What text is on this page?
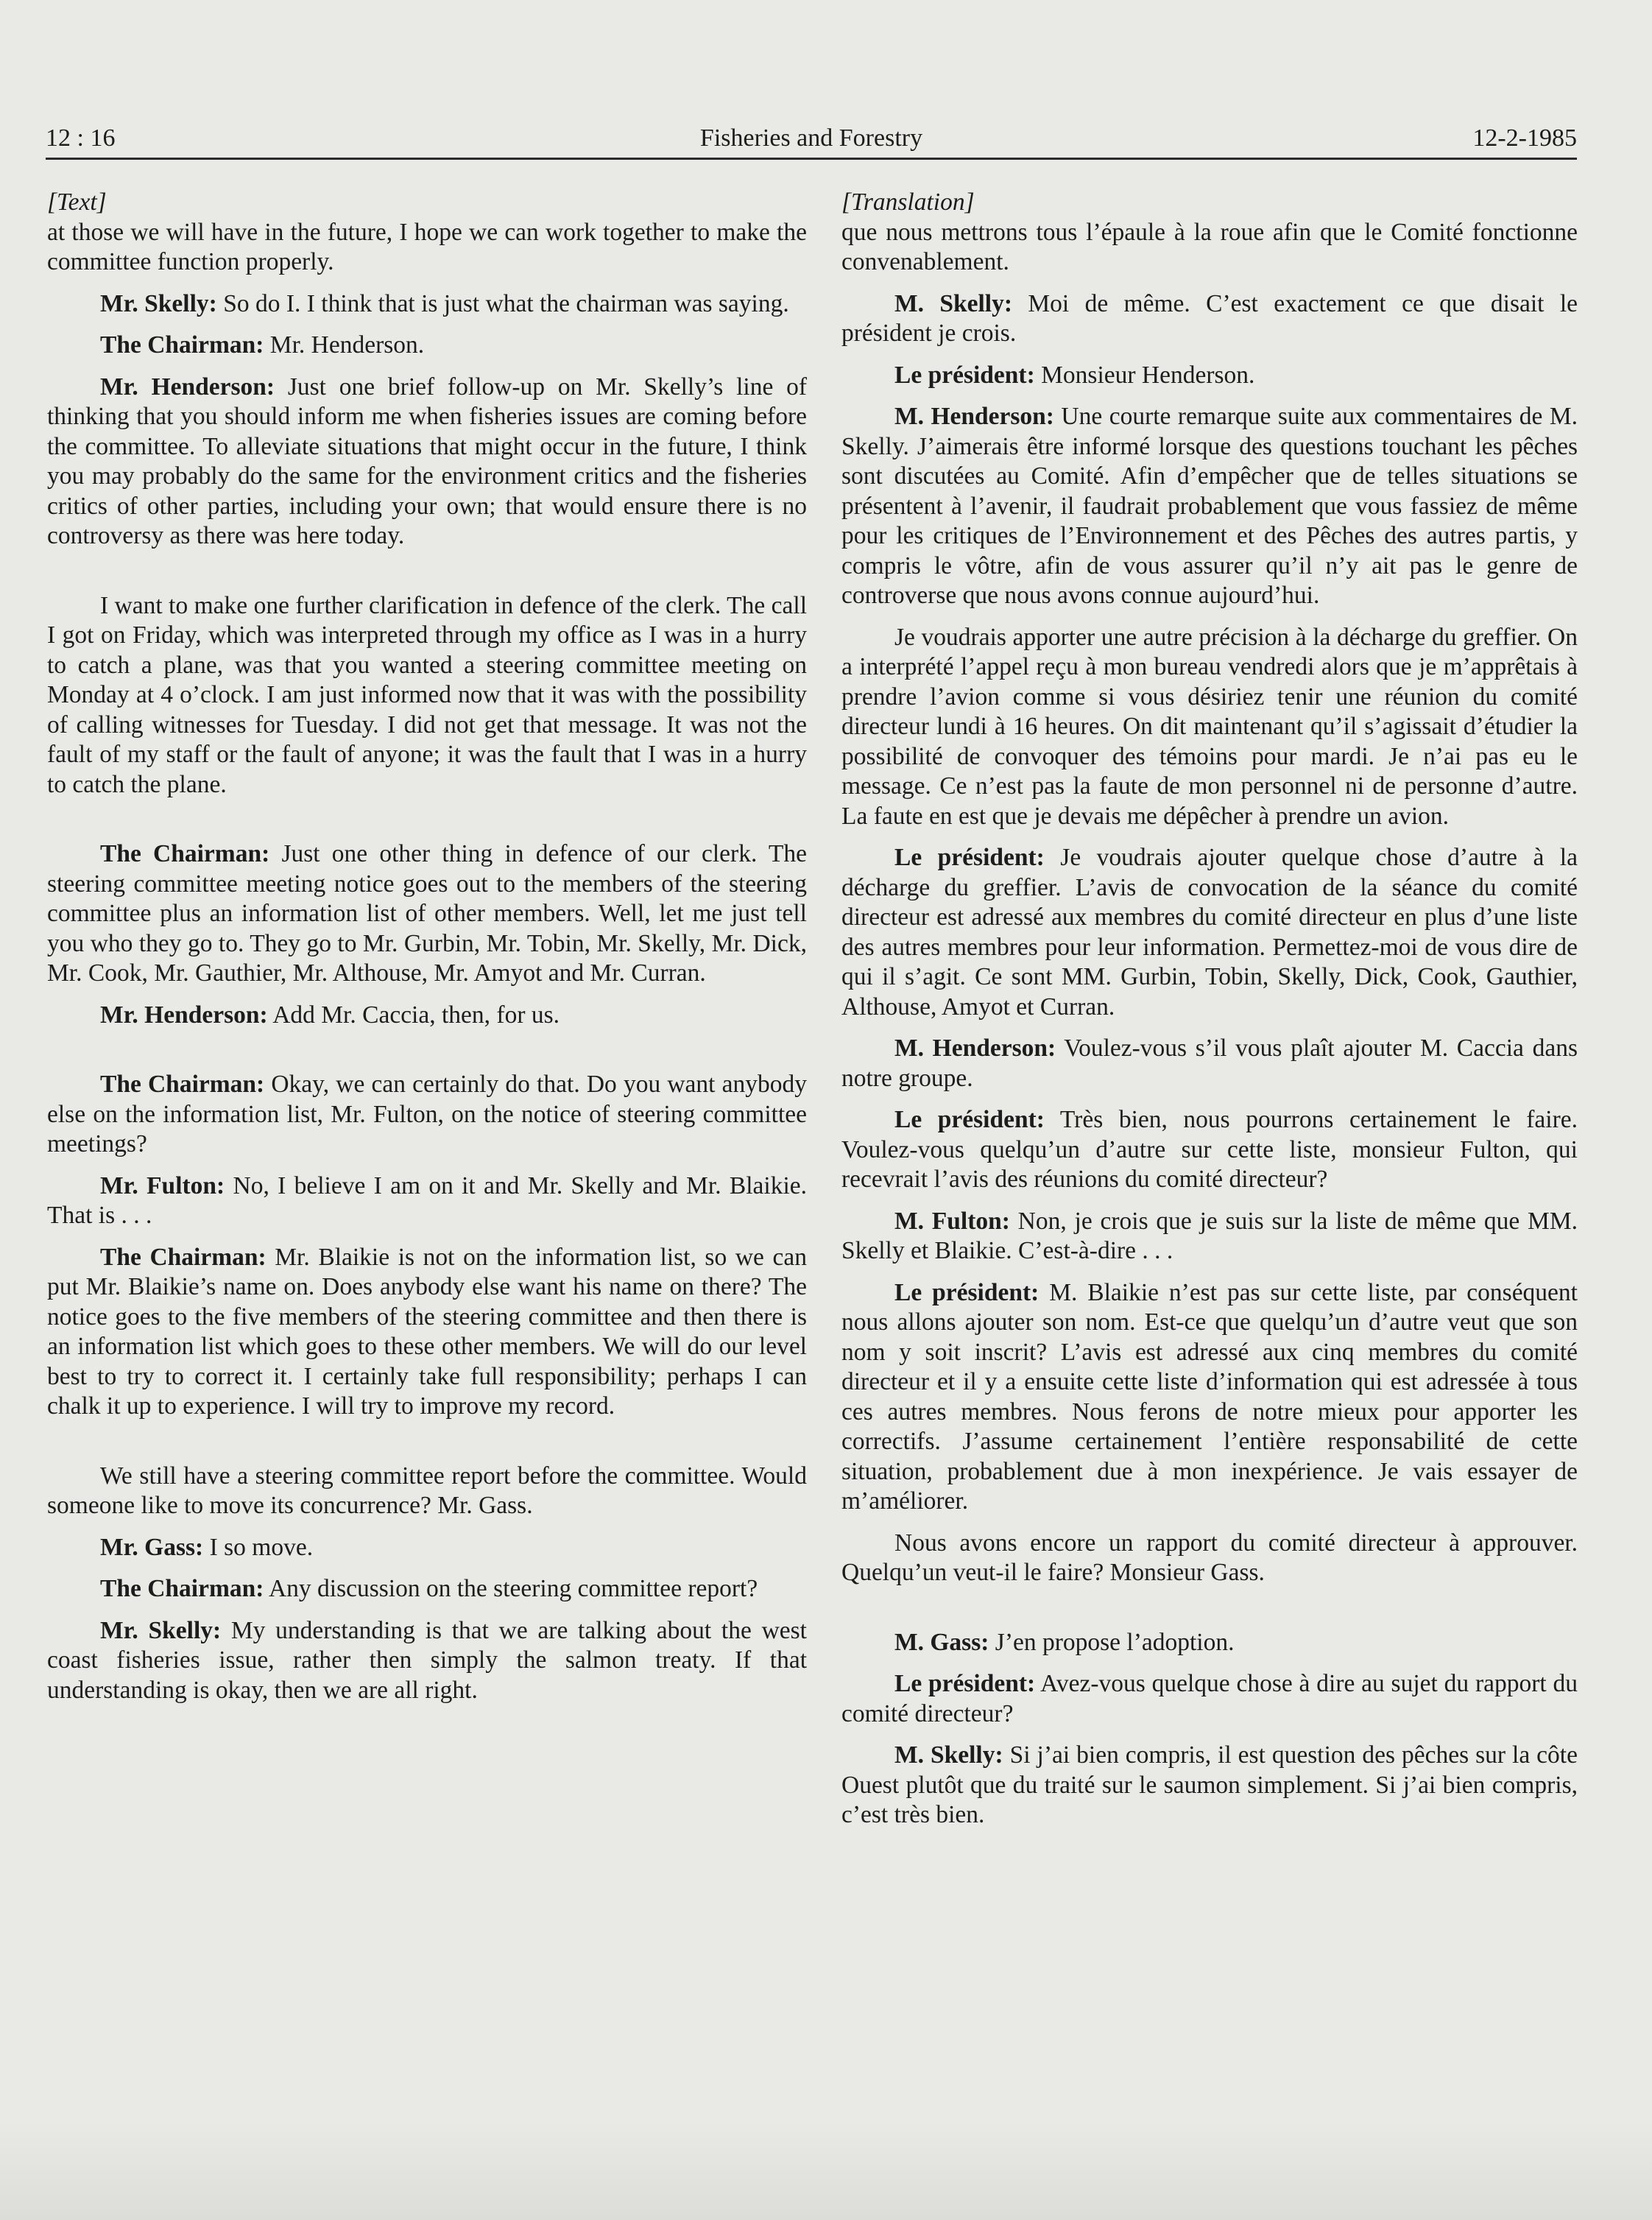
12 : 16	Fisheries and Forestry	12-2-1985

[Text]

at those we will have in the future, I hope we can work together to make the committee function properly.

Mr. Skelly: So do I. I think that is just what the chairman was saying.

The Chairman: Mr. Henderson.

Mr. Henderson: Just one brief follow-up on Mr. Skelly’s line of thinking that you should inform me when fisheries issues are coming before the committee. To alleviate situations that might occur in the future, I think you may probably do the same for the environment critics and the fisheries critics of other parties, including your own; that would ensure there is no controversy as there was here today.

I want to make one further clarification in defence of the clerk. The call I got on Friday, which was interpreted through my office as I was in a hurry to catch a plane, was that you wanted a steering committee meeting on Monday at 4 o’clock. I am just informed now that it was with the possibility of calling witnesses for Tuesday. I did not get that message. It was not the fault of my staff or the fault of anyone; it was the fault that I was in a hurry to catch the plane.

The Chairman: Just one other thing in defence of our clerk. The steering committee meeting notice goes out to the members of the steering committee plus an information list of other members. Well, let me just tell you who they go to. They go to Mr. Gurbin, Mr. Tobin, Mr. Skelly, Mr. Dick, Mr. Cook, Mr. Gauthier, Mr. Althouse, Mr. Amyot and Mr. Curran.

Mr. Henderson: Add Mr. Caccia, then, for us.

The Chairman: Okay, we can certainly do that. Do you want anybody else on the information list, Mr. Fulton, on the notice of steering committee meetings?

Mr. Fulton: No, I believe I am on it and Mr. Skelly and Mr. Blaikie. That is . . .

The Chairman: Mr. Blaikie is not on the information list, so we can put Mr. Blaikie’s name on. Does anybody else want his name on there? The notice goes to the five members of the steering committee and then there is an information list which goes to these other members. We will do our level best to try to correct it. I certainly take full responsibility; perhaps I can chalk it up to experience. I will try to improve my record.

We still have a steering committee report before the committee. Would someone like to move its concurrence? Mr. Gass.

Mr. Gass: I so move.

The Chairman: Any discussion on the steering committee report?

Mr. Skelly: My understanding is that we are talking about the west coast fisheries issue, rather then simply the salmon treaty. If that understanding is okay, then we are all right.

[Translation]

que nous mettrons tous l’épaule à la roue afin que le Comité fonctionne convenablement.

M. Skelly: Moi de même. C’est exactement ce que disait le président je crois.

Le président: Monsieur Henderson.

M. Henderson: Une courte remarque suite aux commentaires de M. Skelly. J’aimerais être informé lorsque des questions touchant les pêches sont discutées au Comité. Afin d’empêcher que de telles situations se présentent à l’avenir, il faudrait probablement que vous fassiez de même pour les critiques de l’Environnement et des Pêches des autres partis, y compris le vôtre, afin de vous assurer qu’il n’y ait pas le genre de controverse que nous avons connue aujourd’hui.

Je voudrais apporter une autre précision à la décharge du greffier. On a interprété l’appel reçu à mon bureau vendredi alors que je m’apprêtais à prendre l’avion comme si vous désiriez tenir une réunion du comité directeur lundi à 16 heures. On dit maintenant qu’il s’agissait d’étudier la possibilité de convoquer des témoins pour mardi. Je n’ai pas eu le message. Ce n’est pas la faute de mon personnel ni de personne d’autre. La faute en est que je devais me dépêcher à prendre un avion.

Le président: Je voudrais ajouter quelque chose d’autre à la décharge du greffier. L’avis de convocation de la séance du comité directeur est adressé aux membres du comité directeur en plus d’une liste des autres membres pour leur information. Permettez-moi de vous dire de qui il s’agit. Ce sont MM. Gurbin, Tobin, Skelly, Dick, Cook, Gauthier, Althouse, Amyot et Curran.

M. Henderson: Voulez-vous s’il vous plaît ajouter M. Caccia dans notre groupe.

Le président: Très bien, nous pourrons certainement le faire. Voulez-vous quelqu’un d’autre sur cette liste, monsieur Fulton, qui recevrait l’avis des réunions du comité directeur?

M. Fulton: Non, je crois que je suis sur la liste de même que MM. Skelly et Blaikie. C’est-à-dire . . .

Le président: M. Blaikie n’est pas sur cette liste, par conséquent nous allons ajouter son nom. Est-ce que quelqu’un d’autre veut que son nom y soit inscrit? L’avis est adressé aux cinq membres du comité directeur et il y a ensuite cette liste d’information qui est adressée à tous ces autres membres. Nous ferons de notre mieux pour apporter les correctifs. J’assume certainement l’entière responsabilité de cette situation, probablement due à mon inexpérience. Je vais essayer de m’améliorer.

Nous avons encore un rapport du comité directeur à approuver. Quelqu’un veut-il le faire? Monsieur Gass.

M. Gass: J’en propose l’adoption.

Le président: Avez-vous quelque chose à dire au sujet du rapport du comité directeur?

M. Skelly: Si j’ai bien compris, il est question des pêches sur la côte Ouest plutôt que du traité sur le saumon simplement. Si j’ai bien compris, c’est très bien.
